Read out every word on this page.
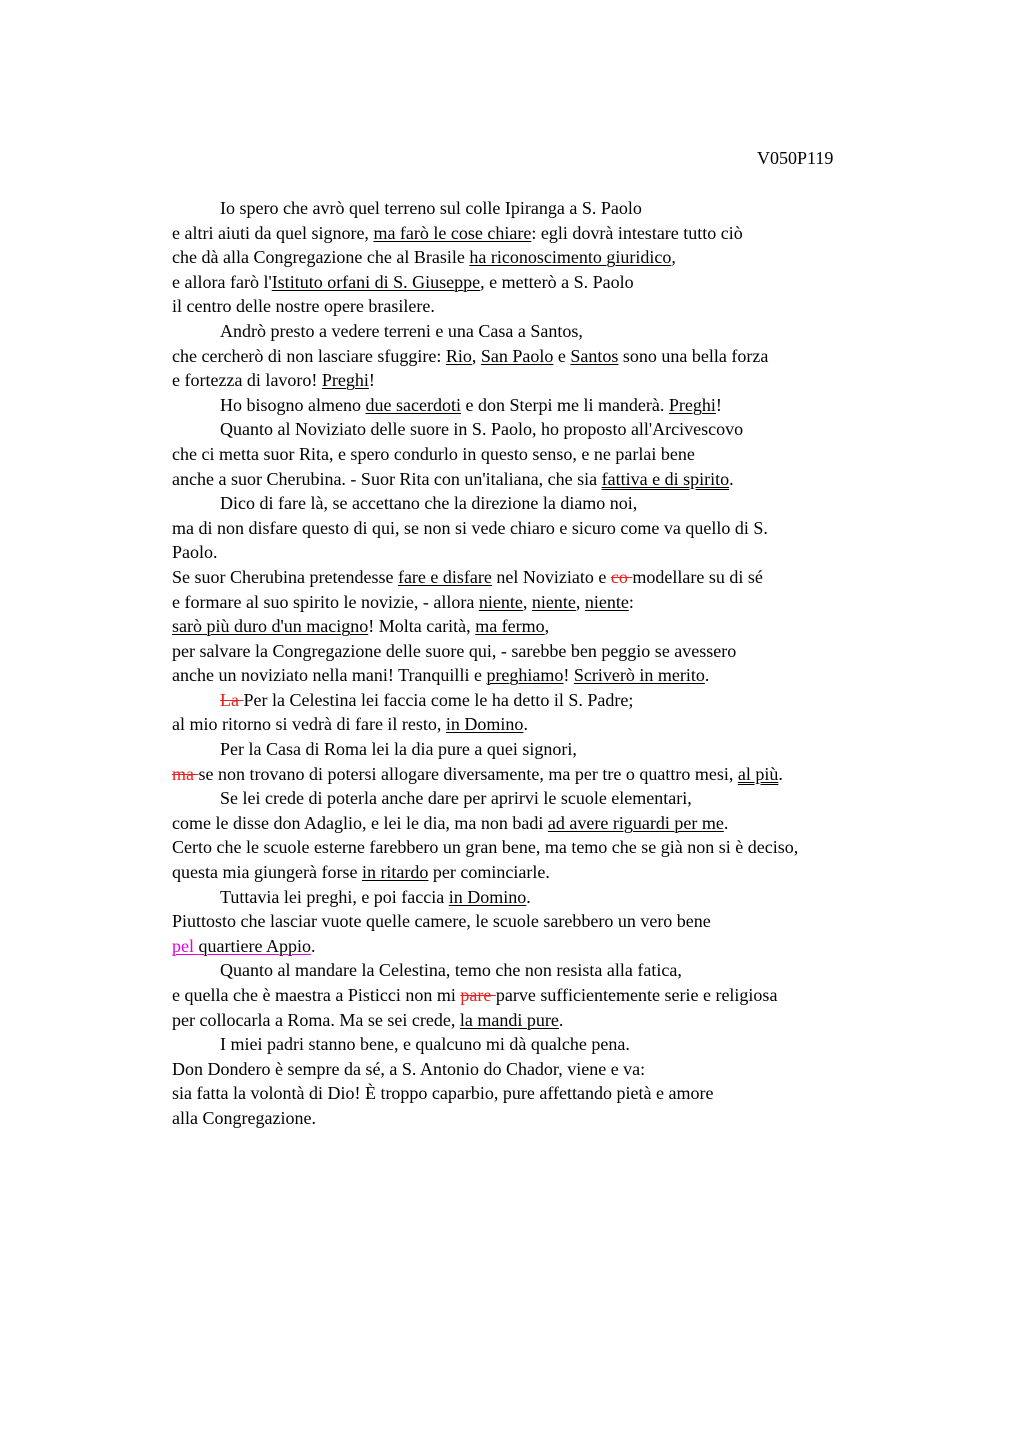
V050P119
Io spero che avrò quel terreno sul colle Ipiranga a S. Paolo
e altri aiuti da quel signore, ma farò le cose chiare: egli dovrà intestare tutto ciò
che dà alla Congregazione che al Brasile ha riconoscimento giuridico,
e allora farò l'Istituto orfani di S. Giuseppe, e metterò a S. Paolo
il centro delle nostre opere brasilere.
Andrò presto a vedere terreni e una Casa a Santos,
che cercherò di non lasciare sfuggire: Rio, San Paolo e Santos sono una bella forza
e fortezza di lavoro! Preghi!
Ho bisogno almeno due sacerdoti e don Sterpi me li manderà. Preghi!
Quanto al Noviziato delle suore in S. Paolo, ho proposto all'Arcivescovo
che ci metta suor Rita, e spero condurlo in questo senso, e ne parlai bene
anche a suor Cherubina. - Suor Rita con un'italiana, che sia fattiva e di spirito.
Dico di fare là, se accettano che la direzione la diamo noi,
ma di non disfare questo di qui, se non si vede chiaro e sicuro come va quello di S.
Paolo.
Se suor Cherubina pretendesse fare e disfare nel Noviziato e co modellare su di sé
e formare al suo spirito le novizie, - allora niente, niente, niente:
sarò più duro d'un macigno! Molta carità, ma fermo,
per salvare la Congregazione delle suore qui, - sarebbe ben peggio se avessero
anche un noviziato nella mani! Tranquilli e preghiamo! Scriverò in merito.
La Per la Celestina lei faccia come le ha detto il S. Padre;
al mio ritorno si vedrà di fare il resto, in Domino.
Per la Casa di Roma lei la dia pure a quei signori,
ma se non trovano di potersi allogare diversamente, ma per tre o quattro mesi, al più.
Se lei crede di poterla anche dare per aprirvi le scuole elementari,
come le disse don Adaglio, e lei le dia, ma non badi ad avere riguardi per me.
Certo che le scuole esterne farebbero un gran bene, ma temo che se già non si è deciso,
questa mia giungerà forse in ritardo per cominciarle.
Tuttavia lei preghi, e poi faccia in Domino.
Piuttosto che lasciar vuote quelle camere, le scuole sarebbero un vero bene
pel quartiere Appio.
Quanto al mandare la Celestina, temo che non resista alla fatica,
e quella che è maestra a Pisticci non mi pare parve sufficientemente serie e religiosa
per collocarla a Roma. Ma se sei crede, la mandi pure.
I miei padri stanno bene, e qualcuno mi dà qualche pena.
Don Dondero è sempre da sé, a S. Antonio do Chador, viene e va:
sia fatta la volontà di Dio! È troppo caparbio, pure affettando pietà e amore
alla Congregazione.
